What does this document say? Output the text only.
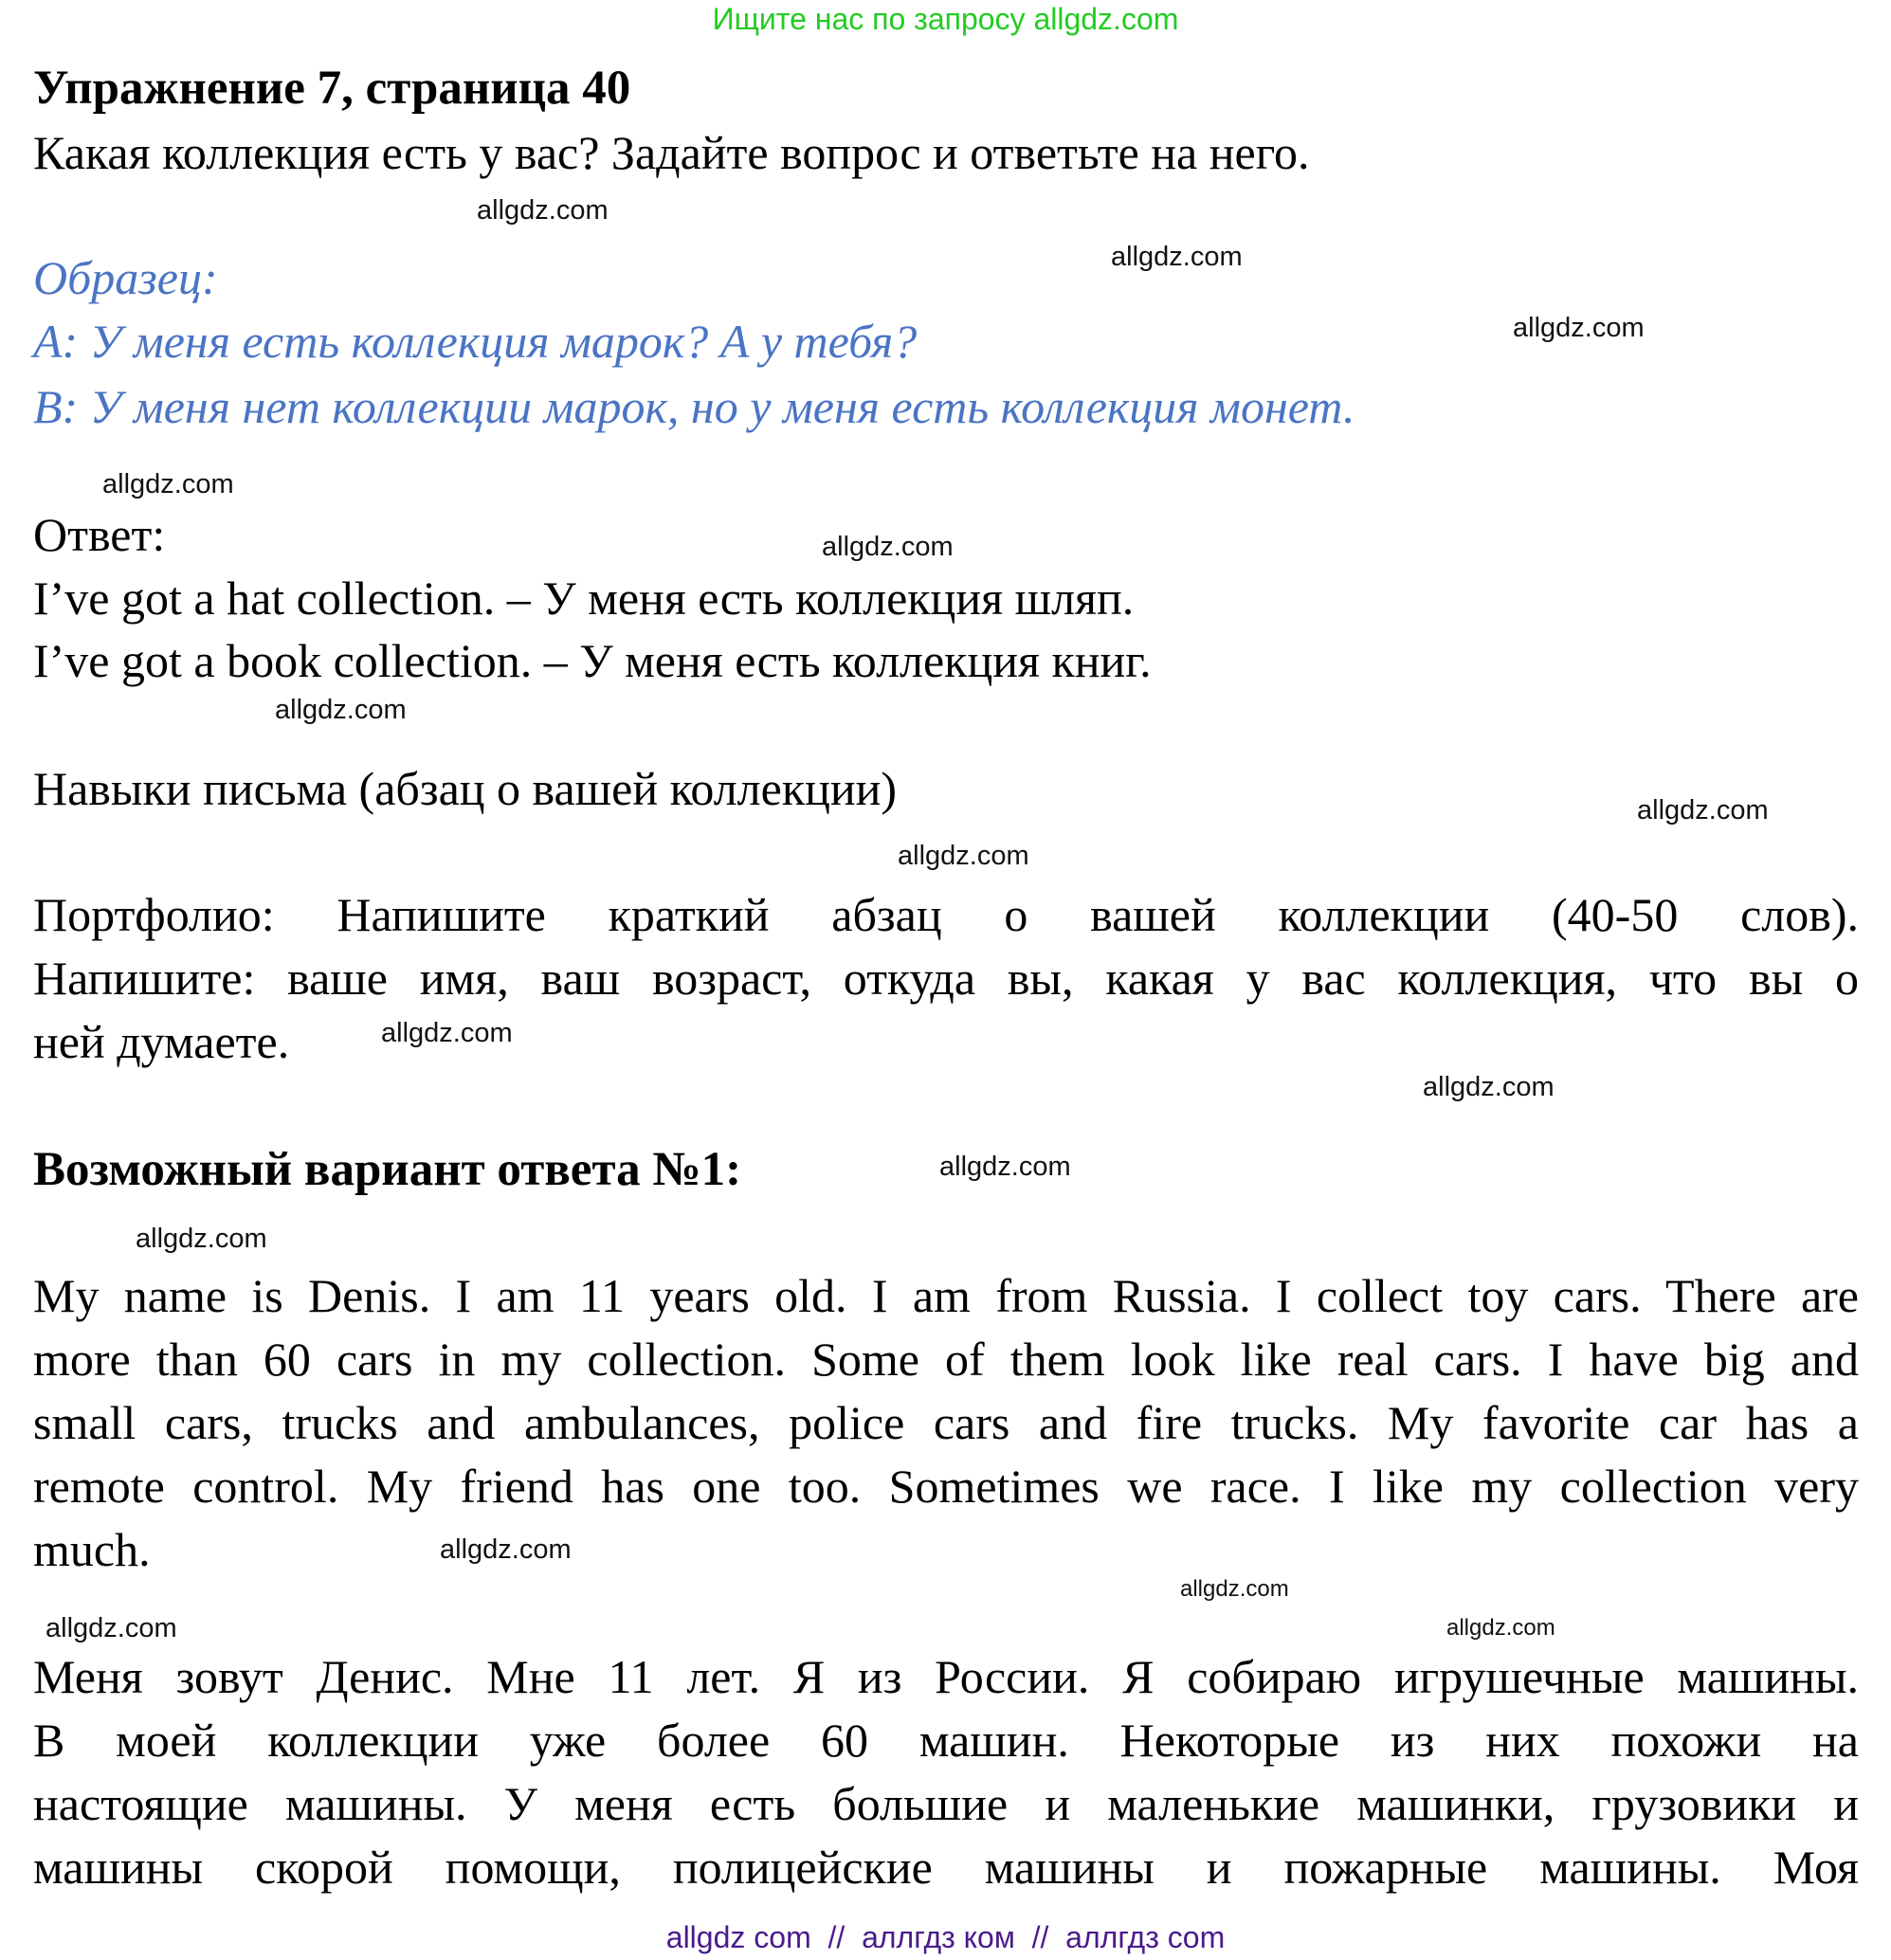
Ищите нас по запросу allgdz.com
Упражнение 7, страница 40
Какая коллекция есть у вас? Задайте вопрос и ответьте на него.
Образец:
A: У меня есть коллекция марок? А у тебя?
B: У меня нет коллекции марок, но у меня есть коллекция монет.
Ответ:
I’ve got a hat collection. – У меня есть коллекция шляп.
I’ve got a book collection. – У меня есть коллекция книг.
Навыки письма (абзац о вашей коллекции)
Портфолио: Напишите краткий абзац о вашей коллекции (40-50 слов).
Напишите: ваше имя, ваш возраст, откуда вы, какая у вас коллекция, что вы о
ней думаете.
Возможный вариант ответа №1:
My name is Denis. I am 11 years old. I am from Russia. I collect toy cars. There are
more than 60 cars in my collection. Some of them look like real cars. I have big and
small cars, trucks and ambulances, police cars and fire trucks. My favorite car has a
remote control. My friend has one too. Sometimes we race. I like my collection very
much.
Меня зовут Денис. Мне 11 лет. Я из России. Я собираю игрушечные машины.
В моей коллекции уже более 60 машин. Некоторые из них похожи на
настоящие машины. У меня есть большие и маленькие машинки, грузовики и
машины скорой помощи, полицейские машины и пожарные машины. Моя
allgdz.com
allgdz.com
allgdz.com
allgdz.com
allgdz.com
allgdz.com
allgdz.com
allgdz.com
allgdz.com
allgdz.com
allgdz.com
allgdz.com
allgdz.com
allgdz.com
allgdz.com	allgdz.com
allgdz com  //  аллгдз ком  //  аллгдз com
